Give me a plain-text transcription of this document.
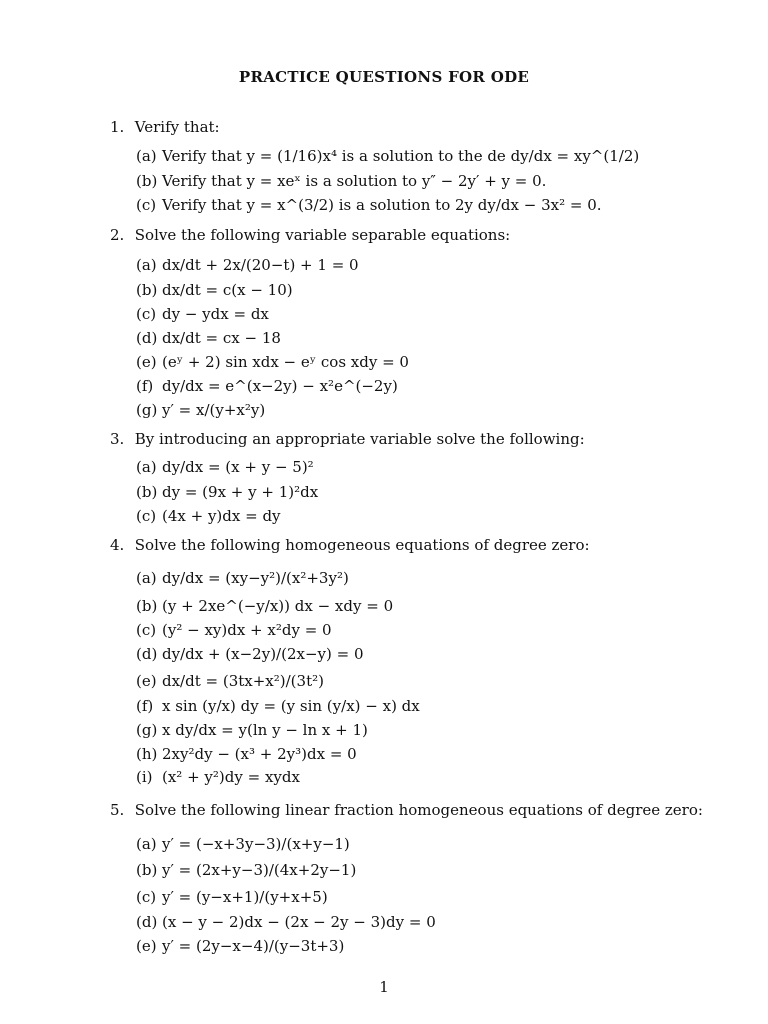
PRACTICE QUESTIONS FOR ODE
1. Verify that:
(a) Verify that y = (1/16)x⁴ is a solution to the de dy/dx = xy^(1/2)
(b) Verify that y = xeˣ is a solution to y″ − 2y′ + y = 0.
(c) Verify that y = x^(3/2) is a solution to 2y dy/dx − 3x² = 0.
2. Solve the following variable separable equations:
(a) dx/dt + 2x/(20−t) + 1 = 0
(b) dx/dt = c(x − 10)
(c) dy − ydx = dx
(d) dx/dt = cx − 18
(e) (eʸ + 2) sin xdx − eʸ cos xdy = 0
(f) dy/dx = e^(x−2y) − x²e^(−2y)
(g) y′ = x/(y+x²y)
3. By introducing an appropriate variable solve the following:
(a) dy/dx = (x + y − 5)²
(b) dy = (9x + y + 1)²dx
(c) (4x + y)dx = dy
4. Solve the following homogeneous equations of degree zero:
(a) dy/dx = (xy−y²)/(x²+3y²)
(b) (y + 2xe^(−y/x)) dx − xdy = 0
(c) (y² − xy)dx + x²dy = 0
(d) dy/dx + (x−2y)/(2x−y) = 0
(e) dx/dt = (3tx+x²)/(3t²)
(f) x sin (y/x) dy = (y sin (y/x) − x) dx
(g) x dy/dx = y(ln y − ln x + 1)
(h) 2xy²dy − (x³ + 2y³)dx = 0
(i) (x² + y²)dy = xydx
5. Solve the following linear fraction homogeneous equations of degree zero:
(a) y′ = (−x+3y−3)/(x+y−1)
(b) y′ = (2x+y−3)/(4x+2y−1)
(c) y′ = (y−x+1)/(y+x+5)
(d) (x − y − 2)dx − (2x − 2y − 3)dy = 0
(e) y′ = (2y−x−4)/(y−3t+3)
1
